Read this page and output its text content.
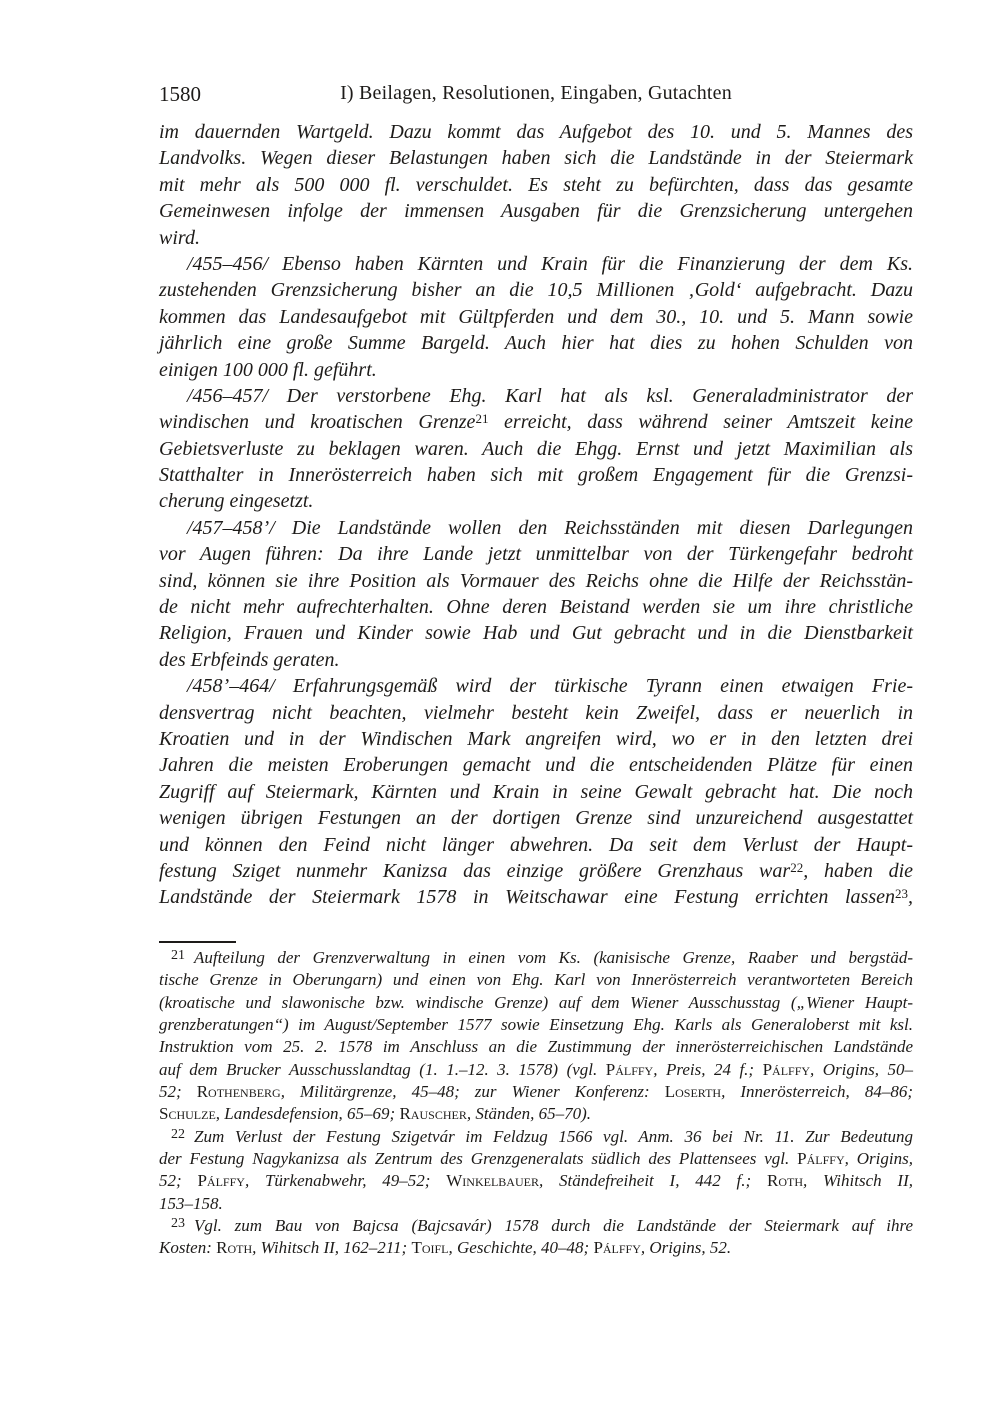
1580	I) Beilagen, Resolutionen, Eingaben, Gutachten
im dauernden Wartgeld. Dazu kommt das Aufgebot des 10. und 5. Mannes des
Landvolks. Wegen dieser Belastungen haben sich die Landstände in der Steiermark
mit mehr als 500 000 fl. verschuldet. Es steht zu befürchten, dass das gesamte
Gemeinwesen infolge der immensen Ausgaben für die Grenzsicherung untergehen
wird.
/455–456/ Ebenso haben Kärnten und Krain für die Finanzierung der dem Ks.
zustehenden Grenzsicherung bisher an die 10,5 Millionen ‚Gold‘ aufgebracht. Dazu
kommen das Landesaufgebot mit Gültpferden und dem 30., 10. und 5. Mann sowie
jährlich eine große Summe Bargeld. Auch hier hat dies zu hohen Schulden von
einigen 100 000 fl. geführt.
/456–457/ Der verstorbene Ehg. Karl hat als ksl. Generaladministrator der
windischen und kroatischen Grenze$^{21}$ erreicht, dass während seiner Amtszeit keine
Gebietsverluste zu beklagen waren. Auch die Ehgg. Ernst und jetzt Maximilian als
Statthalter in Innerösterreich haben sich mit großem Engagement für die Grenzsi-
cherung eingesetzt.
/457–458’/ Die Landstände wollen den Reichsständen mit diesen Darlegungen
vor Augen führen: Da ihre Lande jetzt unmittelbar von der Türkengefahr bedroht
sind, können sie ihre Position als Vormauer des Reichs ohne die Hilfe der Reichsstän-
de nicht mehr aufrechterhalten. Ohne deren Beistand werden sie um ihre christliche
Religion, Frauen und Kinder sowie Hab und Gut gebracht und in die Dienstbarkeit
des Erbfeinds geraten.
/458’–464/ Erfahrungsgemäß wird der türkische Tyrann einen etwaigen Frie-
densvertrag nicht beachten, vielmehr besteht kein Zweifel, dass er neuerlich in
Kroatien und in der Windischen Mark angreifen wird, wo er in den letzten drei
Jahren die meisten Eroberungen gemacht und die entscheidenden Plätze für einen
Zugriff auf Steiermark, Kärnten und Krain in seine Gewalt gebracht hat. Die noch
wenigen übrigen Festungen an der dortigen Grenze sind unzureichend ausgestattet
und können den Feind nicht länger abwehren. Da seit dem Verlust der Haupt-
festung Sziget nunmehr Kanizsa das einzige größere Grenzhaus war$^{22}$, haben die
Landstände der Steiermark 1578 in Weitschawar eine Festung errichten lassen$^{23}$,
$^{21}$ Aufteilung der Grenzverwaltung in einen vom Ks. (kanisische Grenze, Raaber und bergstäd-
tische Grenze in Oberungarn) und einen von Ehg. Karl von Innerösterreich verantworteten Bereich
(kroatische und slawonische bzw. windische Grenze) auf dem Wiener Ausschusstag („Wiener Haupt-
grenzberatungen“) im August/September 1577 sowie Einsetzung Ehg. Karls als Generaloberst mit ksl.
Instruktion vom 25. 2. 1578 im Anschluss an die Zustimmung der innerösterreichischen Landstände
auf dem Brucker Ausschusslandtag (1. 1.–12. 3. 1578) (vgl. Pálffy, Preis, 24 f.; Pálffy, Origins, 50–
52; Rothenberg, Militärgrenze, 45–48; zur Wiener Konferenz: Loserth, Innerösterreich, 84–86;
Schulze, Landesdefension, 65–69; Rauscher, Ständen, 65–70).
$^{22}$ Zum Verlust der Festung Szigetvár im Feldzug 1566 vgl. Anm. 36 bei Nr. 11. Zur Bedeutung
der Festung Nagykanizsa als Zentrum des Grenzgeneralats südlich des Plattensees vgl. Pálffy, Origins,
52; Pálffy, Türkenabwehr, 49–52; Winkelbauer, Ständefreiheit I, 442 f.; Roth, Wihitsch II,
153–158.
$^{23}$ Vgl. zum Bau von Bajcsa (Bajcsavár) 1578 durch die Landstände der Steiermark auf ihre
Kosten: Roth, Wihitsch II, 162–211; Toifl, Geschichte, 40–48; Pálffy, Origins, 52.
